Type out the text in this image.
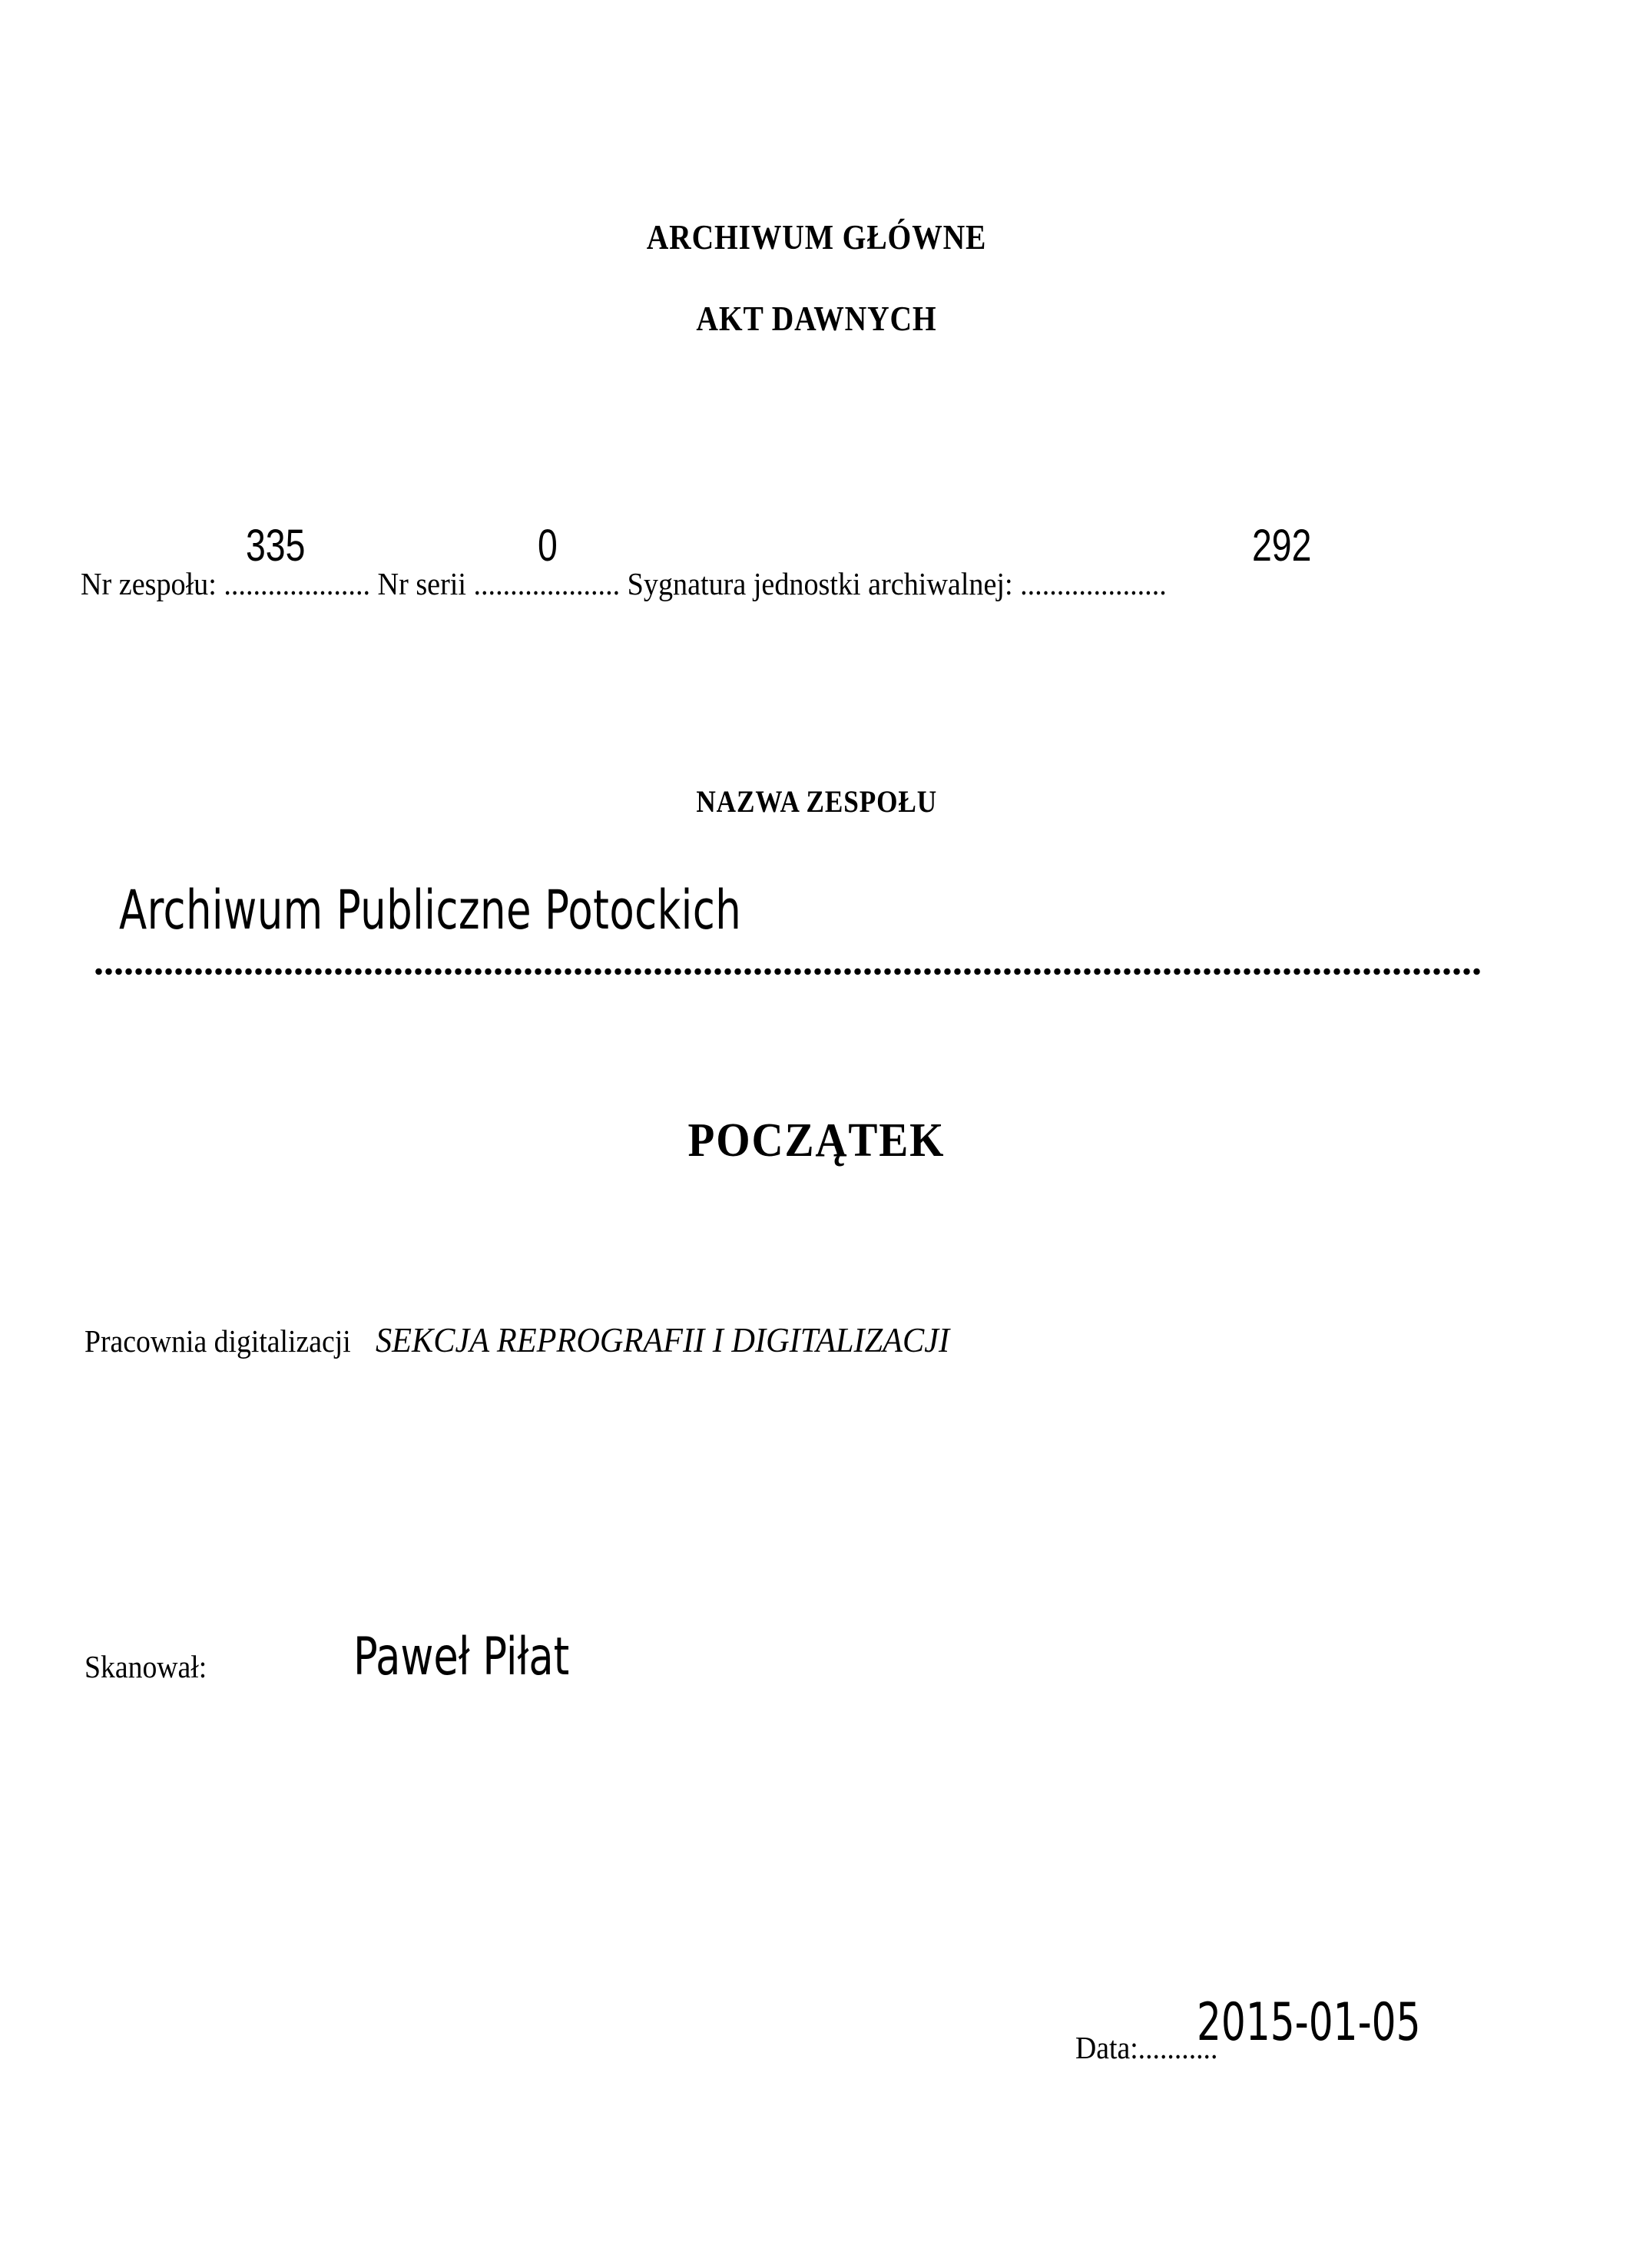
ARCHIWUM GŁÓWNE
AKT DAWNYCH
Nr zespołu: .................... Nr serii .................... Sygnatura jednostki archiwalnej: ....................
335	0	292
NAZWA ZESPOŁU
Archiwum Publiczne Potockich
POCZĄTEK
Pracownia digitalizacji SEKCJA REPROGRAFII I DIGITALIZACJI
Skanował:	Paweł Piłat
Data:...........
2015-01-05
